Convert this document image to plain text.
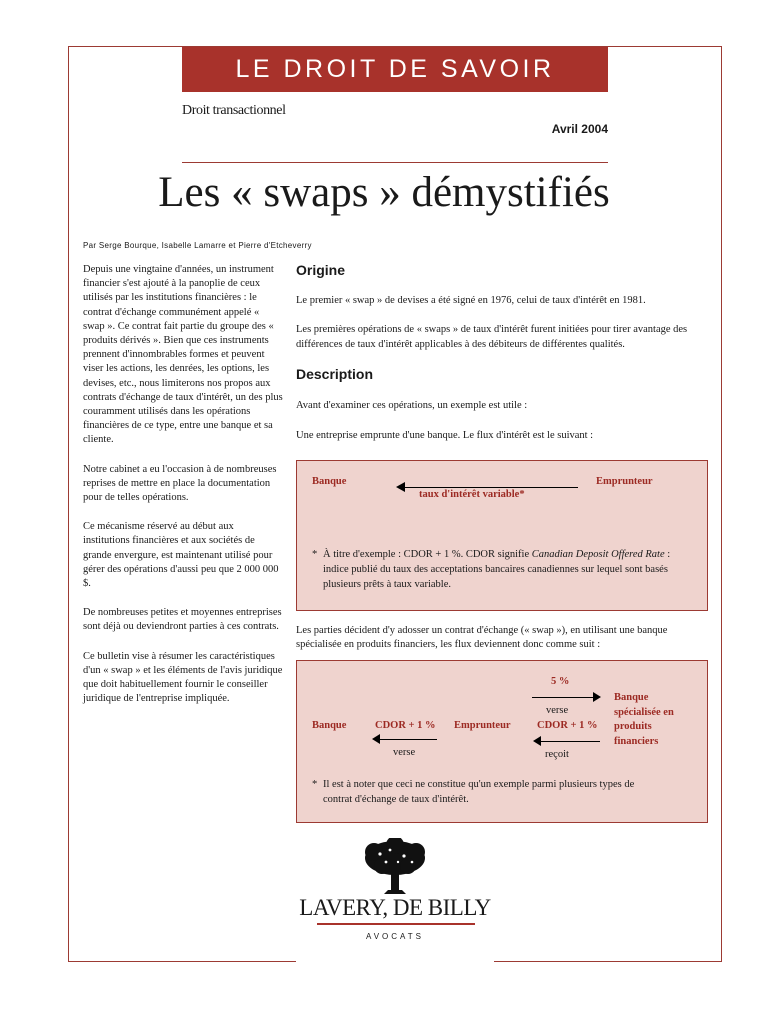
LE DROIT DE SAVOIR
Droit transactionnel
Avril 2004
Les « swaps » démystifiés
Par Serge Bourque, Isabelle Lamarre et Pierre d'Etcheverry

Depuis une vingtaine d'années, un instrument financier s'est ajouté à la panoplie de ceux utilisés par les institutions financières : le contrat d'échange communément appelé « swap ». Ce contrat fait partie du groupe des « produits dérivés ». Bien que ces instruments prennent d'innombrables formes et peuvent viser les actions, les denrées, les options, les devises, etc., nous limiterons nos propos aux contrats d'échange de taux d'intérêt, un des plus couramment utilisés dans les opérations financières de ce type, entre une banque et sa cliente.

Notre cabinet a eu l'occasion à de nombreuses reprises de mettre en place la documentation pour de telles opérations.

Ce mécanisme réservé au début aux institutions financières et aux sociétés de grande envergure, est maintenant utilisé pour gérer des opérations d'aussi peu que 2 000 000 $.

De nombreuses petites et moyennes entreprises sont déjà ou deviendront parties à ces contrats.

Ce bulletin vise à résumer les caractéristiques d'un « swap » et les éléments de l'avis juridique que doit habituellement fournir le conseiller juridique de l'entreprise impliquée.

Origine
Le premier « swap » de devises a été signé en 1976, celui de taux d'intérêt en 1981.
Les premières opérations de « swaps » de taux d'intérêt furent initiées pour tirer avantage des différences de taux d'intérêt applicables à des débiteurs de différentes qualités.
Description
Avant d'examiner ces opérations, un exemple est utile :
Une entreprise emprunte d'une banque. Le flux d'intérêt est le suivant :
Banque	Emprunteur
taux d'intérêt variable*
* À titre d'exemple : CDOR + 1 %. CDOR signifie Canadian Deposit Offered Rate : indice publié du taux des acceptations bancaires canadiennes sur lequel sont basés plusieurs prêts à taux variable.
Les parties décident d'y adosser un contrat d'échange (« swap »), en utilisant une banque spécialisée en produits financiers, les flux deviennent donc comme suit :
Banque	CDOR + 1 %
verse
Emprunteur
5 %
verse
CDOR + 1 %
reçoit
Banque
spécialisée en
produits
financiers
* Il est à noter que ceci ne constitue qu'un exemple parmi plusieurs types de contrat d'échange de taux d'intérêt.
LAVERY, DE BILLY
AVOCATS
